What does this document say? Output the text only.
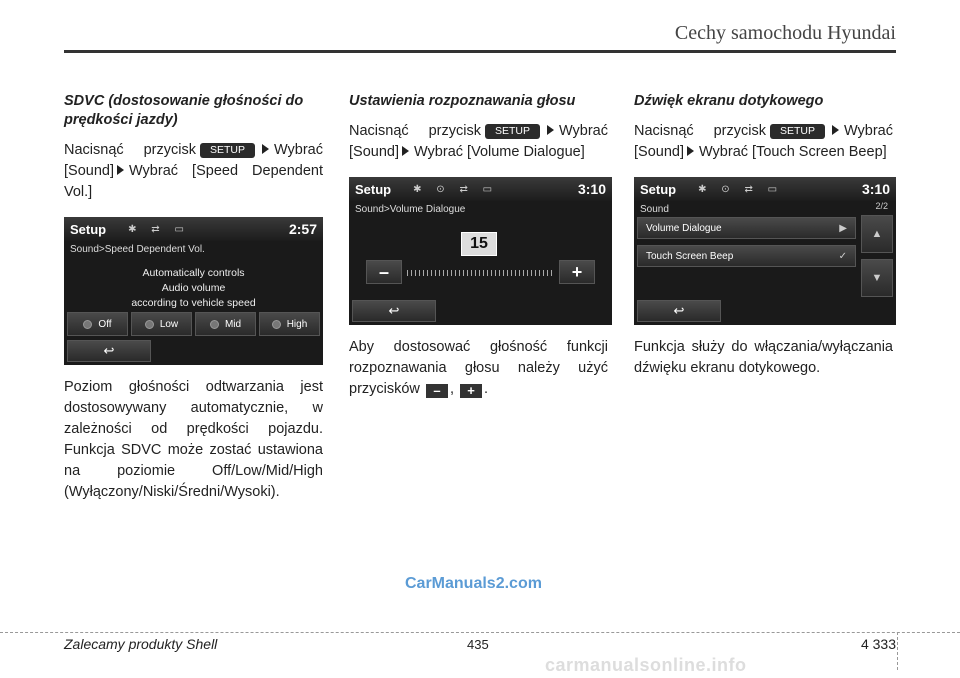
Cechy samochodu Hyundai

SDVC (dostosowanie głośności do prędkości jazdy)

Nacisnąć przycisk SETUP Wybrać [Sound] Wybrać [Speed Dependent Vol.]

Setup ✱ ⇄ ▭	2:57
Sound>Speed Dependent Vol.
Automatically controls
Audio volume
according to vehicle speed
Off	Low	Mid	High
↩

Poziom głośności odtwarzania jest dostosowywany automatycznie, w zależności od prędkości pojazdu. Funkcja SDVC może zostać ustawiona na poziomie Off/Low/Mid/High (Wyłączony/Niski/Średni/Wysoki).

Ustawienia rozpoznawania głosu

Nacisnąć przycisk SETUP Wybrać [Sound] Wybrać [Volume Dialogue]

Setup ✱ ⊙ ⇄ ▭	3:10
Sound>Volume Dialogue
15
–	+
↩

Aby dostosować głośność funkcji rozpoznawania głosu należy użyć przycisków – , + .

Dźwięk ekranu dotykowego

Nacisnąć przycisk SETUP Wybrać [Sound] Wybrać [Touch Screen Beep]

Setup ✱ ⊙ ⇄ ▭	3:10
Sound	2/2
Volume Dialogue	▶
Touch Screen Beep	✓
▲
▼
↩

Funkcja służy do włączania/wyłączania dźwięku ekranu dotykowego.

CarManuals2.com
Zalecamy produkty Shell	435	4 333
carmanualsonline.info
